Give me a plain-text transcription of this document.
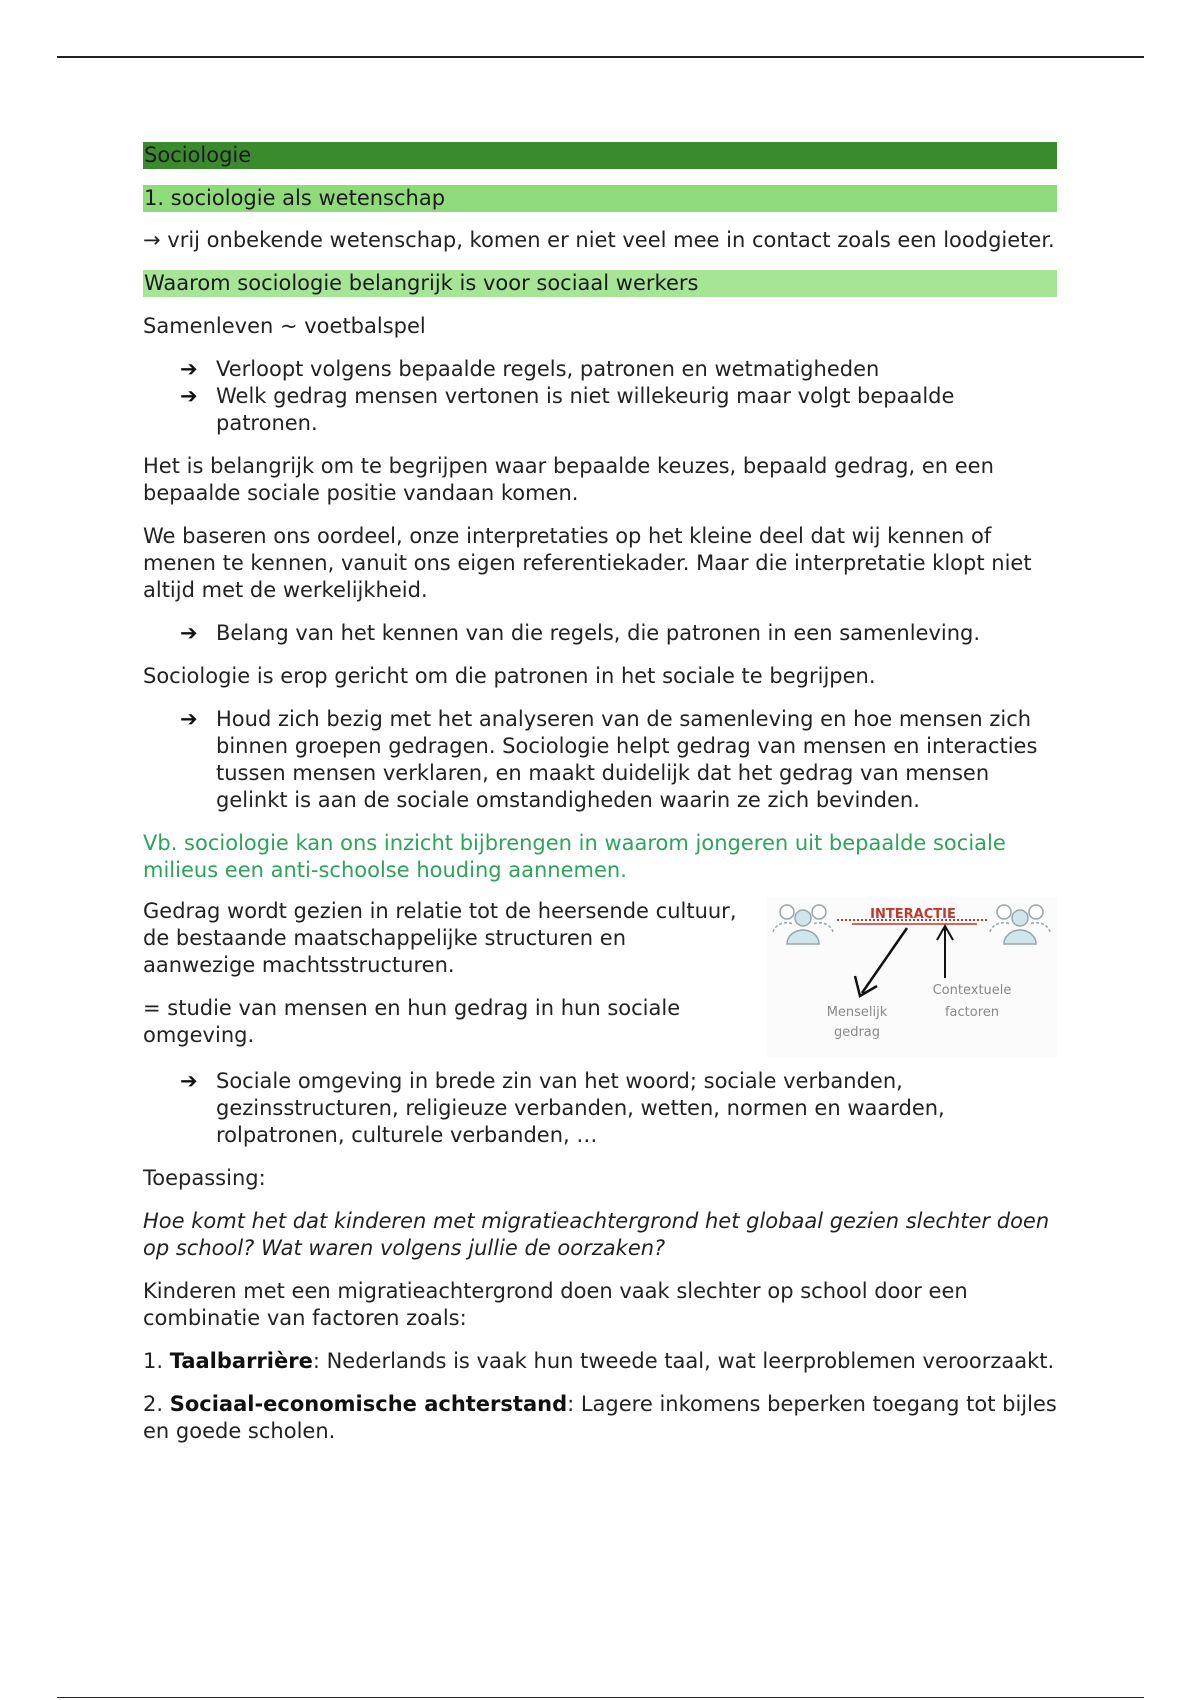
Sociologie
1. sociologie als wetenschap

→ vrij onbekende wetenschap, komen er niet veel mee in contact zoals een loodgieter.

Waarom sociologie belangrijk is voor sociaal werkers

Samenleven ~ voetbalspel

➔ Verloopt volgens bepaalde regels, patronen en wetmatigheden
➔ Welk gedrag mensen vertonen is niet willekeurig maar volgt bepaalde patronen.

Het is belangrijk om te begrijpen waar bepaalde keuzes, bepaald gedrag, en een bepaalde sociale positie vandaan komen.

We baseren ons oordeel, onze interpretaties op het kleine deel dat wij kennen of menen te kennen, vanuit ons eigen referentiekader. Maar die interpretatie klopt niet altijd met de werkelijkheid.

➔ Belang van het kennen van die regels, die patronen in een samenleving.

Sociologie is erop gericht om die patronen in het sociale te begrijpen.

➔ Houd zich bezig met het analyseren van de samenleving en hoe mensen zich binnen groepen gedragen. Sociologie helpt gedrag van mensen en interacties tussen mensen verklaren, en maakt duidelijk dat het gedrag van mensen gelinkt is aan de sociale omstandigheden waarin ze zich bevinden.

Vb. sociologie kan ons inzicht bijbrengen in waarom jongeren uit bepaalde sociale milieus een anti-schoolse houding aannemen.

INTERACTIE
Menselijk
gedrag
Contextuele
factoren

Gedrag wordt gezien in relatie tot de heersende cultuur, de bestaande maatschappelijke structuren en aanwezige machtsstructuren.

= studie van mensen en hun gedrag in hun sociale omgeving.

➔ Sociale omgeving in brede zin van het woord; sociale verbanden, gezinsstructuren, religieuze verbanden, wetten, normen en waarden, rolpatronen, culturele verbanden, …

Toepassing:

Hoe komt het dat kinderen met migratieachtergrond het globaal gezien slechter doen op school? Wat waren volgens jullie de oorzaken?

Kinderen met een migratieachtergrond doen vaak slechter op school door een combinatie van factoren zoals:

1. Taalbarrière: Nederlands is vaak hun tweede taal, wat leerproblemen veroorzaakt.

2. Sociaal-economische achterstand: Lagere inkomens beperken toegang tot bijles en goede scholen.
